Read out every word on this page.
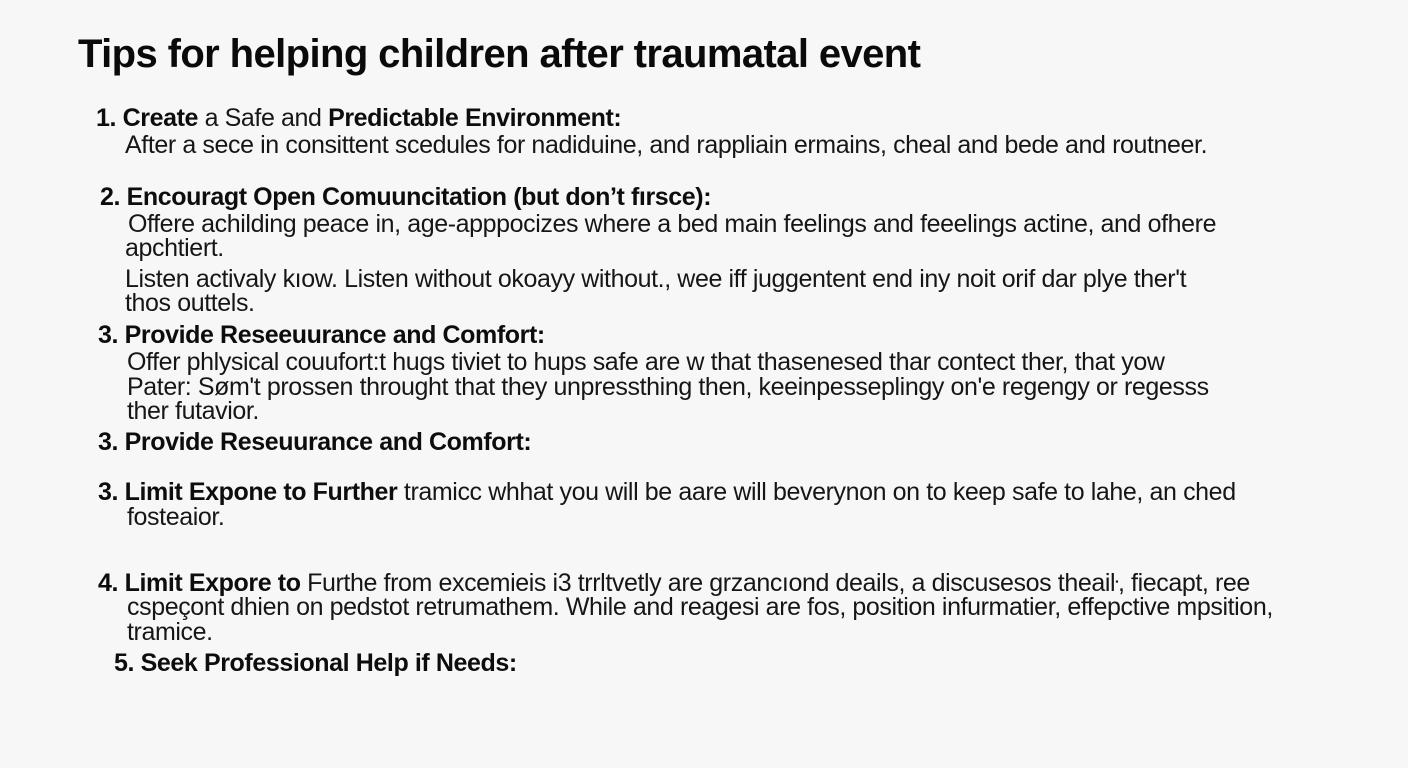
Tips for helping children after traumatal event
1. Create a Safe and Predictable Environment:
After a sece in consittent scedules for nadiduine, and rappliain ermains, cheal and bede and routneer.
2. Encouragt Open Comuuncitation (but don’t fırsce):
Offere achilding peace in, age-apppocizes where a bed main feelings and feeelings actine, and ofhere
apchtiert.
Listen activaly kıow. Listen without okoayy without., wee iff juggentent end iny noit orif dar plye ther't
thos outtels.
3. Provide Reseeuurance and Comfort:
Offer phlysical couufort:t hugs tiviet to hups safe are w that thasenesed thar contect ther, that yow
Pater: Søm't prossen throught that they unpressthing then, keeinpesseplingy on'e regengy or regesss
ther futavior.
3. Provide Reseuurance and Comfort:
3. Limit Expone to Further tramicc whhat you will be aare will beverynon on to keep safe to lahe, an ched
fosteaior.
4. Limit Expore to Furthe from excemieis i3 trrltvetly are grzancıond deails, a discusesos theaiŀ, fiecapt, ree
cspeçont dhien on pedstot retrumathem. While and reagesi are fos, position infurmatier, effepctive mpsition,
tramice.
5. Seek Professional Help if Needs:
